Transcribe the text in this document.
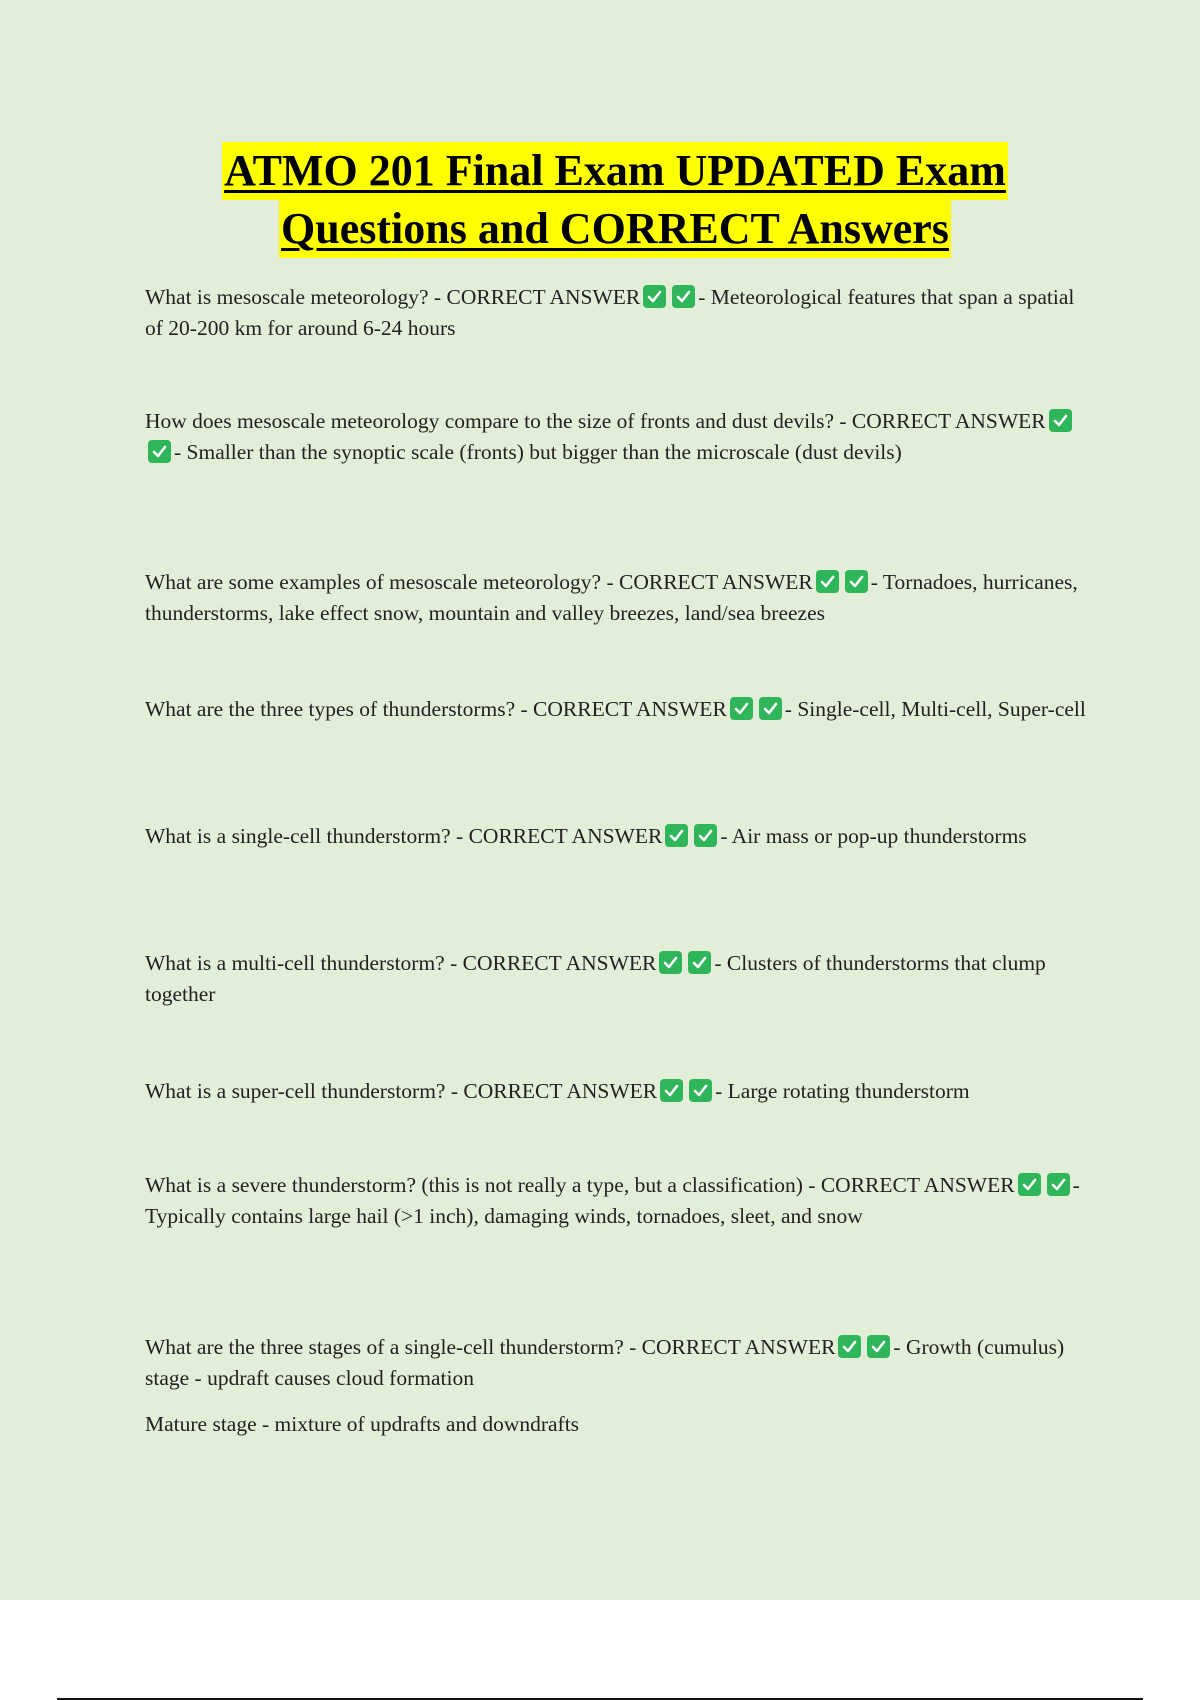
ATMO 201 Final Exam UPDATED Exam
Questions and CORRECT Answers
What is mesoscale meteorology? - CORRECT ANSWER	- Meteorological features that span a spatial of 20-200 km for around 6-24 hours
How does mesoscale meteorology compare to the size of fronts and dust devils? - CORRECT ANSWER
- Smaller than the synoptic scale (fronts) but bigger than the microscale (dust devils)
What are some examples of mesoscale meteorology? - CORRECT ANSWER	- Tornadoes, hurricanes, thunderstorms, lake effect snow, mountain and valley breezes, land/sea breezes
What are the three types of thunderstorms? - CORRECT ANSWER	- Single-cell, Multi-cell, Super-cell
What is a single-cell thunderstorm? - CORRECT ANSWER	- Air mass or pop-up thunderstorms
What is a multi-cell thunderstorm? - CORRECT ANSWER	- Clusters of thunderstorms that clump together
What is a super-cell thunderstorm? - CORRECT ANSWER	- Large rotating thunderstorm
What is a severe thunderstorm? (this is not really a type, but a classification) - CORRECT ANSWER	- Typically contains large hail (>1 inch), damaging winds, tornadoes, sleet, and snow
What are the three stages of a single-cell thunderstorm? - CORRECT ANSWER	- Growth (cumulus) stage - updraft causes cloud formation
Mature stage - mixture of updrafts and downdrafts
